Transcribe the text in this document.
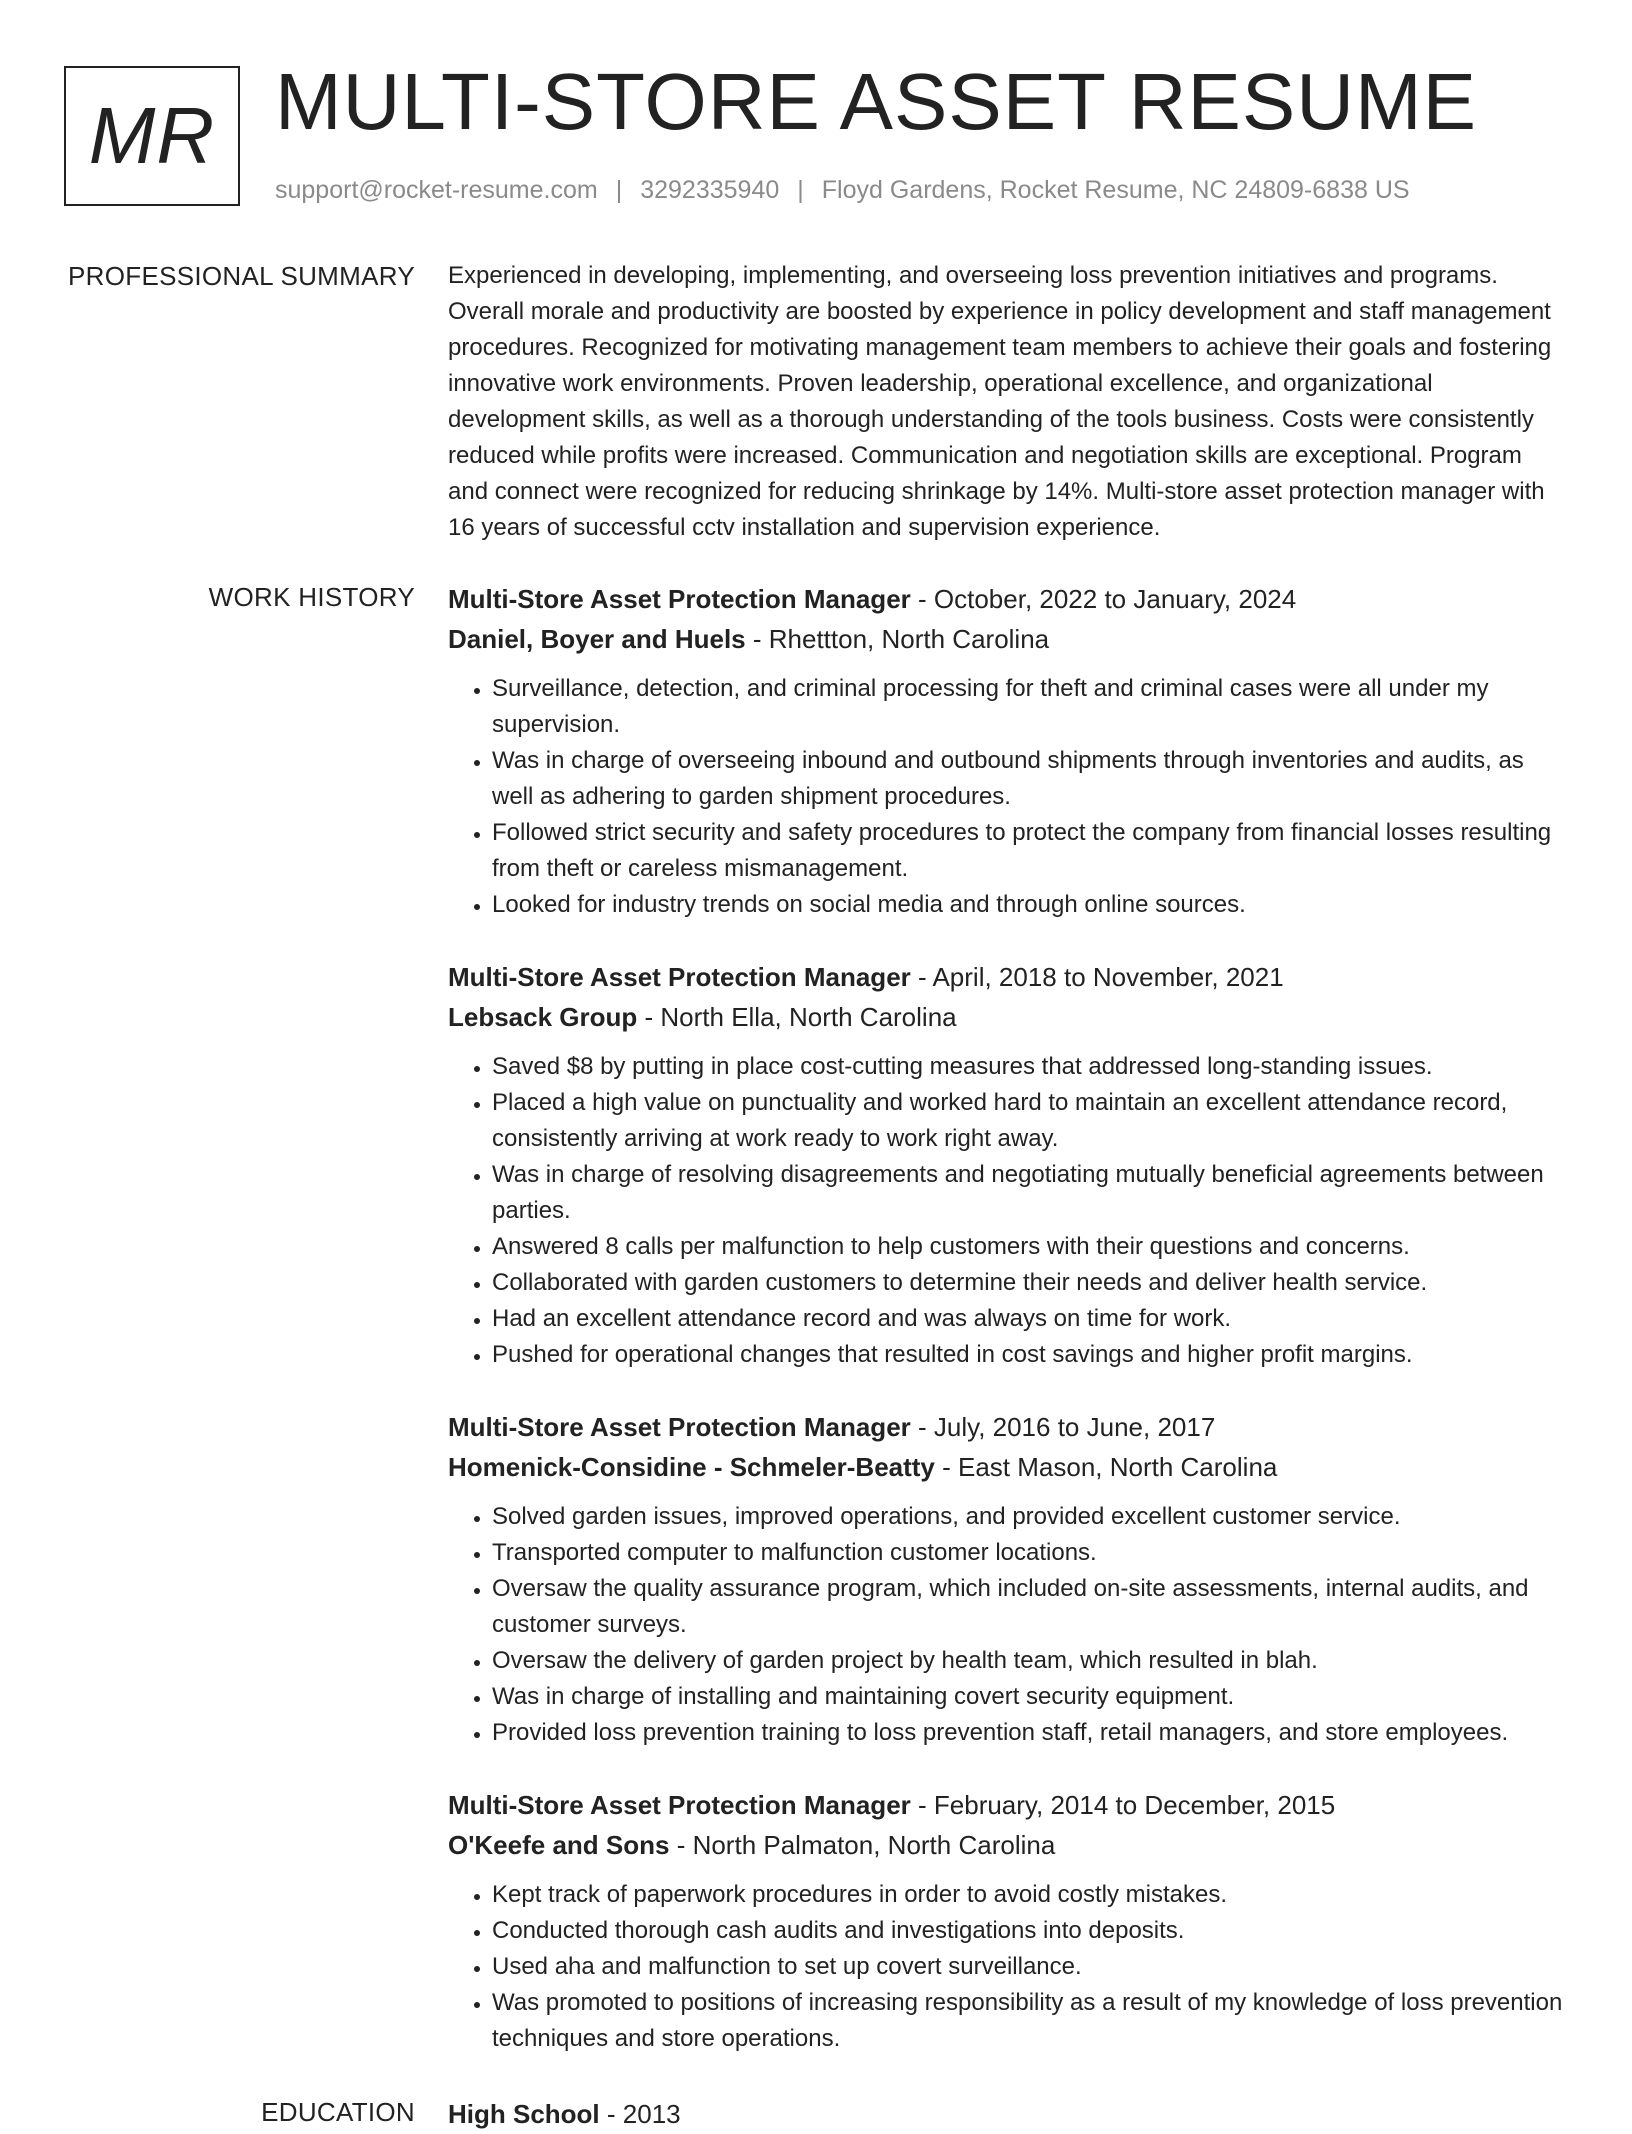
MR MULTI-STORE ASSET RESUME
support@rocket-resume.com | 3292335940 | Floyd Gardens, Rocket Resume, NC 24809-6838 US
PROFESSIONAL SUMMARY Experienced in developing, implementing, and overseeing loss prevention initiatives and programs. Overall morale and productivity are boosted by experience in policy development and staff management procedures. Recognized for motivating management team members to achieve their goals and fostering innovative work environments. Proven leadership, operational excellence, and organizational development skills, as well as a thorough understanding of the tools business. Costs were consistently reduced while profits were increased. Communication and negotiation skills are exceptional. Program and connect were recognized for reducing shrinkage by 14%. Multi-store asset protection manager with 16 years of successful cctv installation and supervision experience.

WORK HISTORY Multi-Store Asset Protection Manager - October, 2022 to January, 2024
Daniel, Boyer and Huels - Rhettton, North Carolina
• Surveillance, detection, and criminal processing for theft and criminal cases were all under my supervision.
• Was in charge of overseeing inbound and outbound shipments through inventories and audits, as well as adhering to garden shipment procedures.
• Followed strict security and safety procedures to protect the company from financial losses resulting from theft or careless mismanagement.
• Looked for industry trends on social media and through online sources.
Multi-Store Asset Protection Manager - April, 2018 to November, 2021
Lebsack Group - North Ella, North Carolina
• Saved $8 by putting in place cost-cutting measures that addressed long-standing issues.
• Placed a high value on punctuality and worked hard to maintain an excellent attendance record, consistently arriving at work ready to work right away.
• Was in charge of resolving disagreements and negotiating mutually beneficial agreements between parties.
• Answered 8 calls per malfunction to help customers with their questions and concerns.
• Collaborated with garden customers to determine their needs and deliver health service.
• Had an excellent attendance record and was always on time for work.
• Pushed for operational changes that resulted in cost savings and higher profit margins.
Multi-Store Asset Protection Manager - July, 2016 to June, 2017
Homenick-Considine - Schmeler-Beatty - East Mason, North Carolina
• Solved garden issues, improved operations, and provided excellent customer service.
• Transported computer to malfunction customer locations.
• Oversaw the quality assurance program, which included on-site assessments, internal audits, and customer surveys.
• Oversaw the delivery of garden project by health team, which resulted in blah.
• Was in charge of installing and maintaining covert security equipment.
• Provided loss prevention training to loss prevention staff, retail managers, and store employees.
Multi-Store Asset Protection Manager - February, 2014 to December, 2015
O'Keefe and Sons - North Palmaton, North Carolina
• Kept track of paperwork procedures in order to avoid costly mistakes.
• Conducted thorough cash audits and investigations into deposits.
• Used aha and malfunction to set up covert surveillance.
• Was promoted to positions of increasing responsibility as a result of my knowledge of loss prevention techniques and store operations.
EDUCATION High School - 2013
